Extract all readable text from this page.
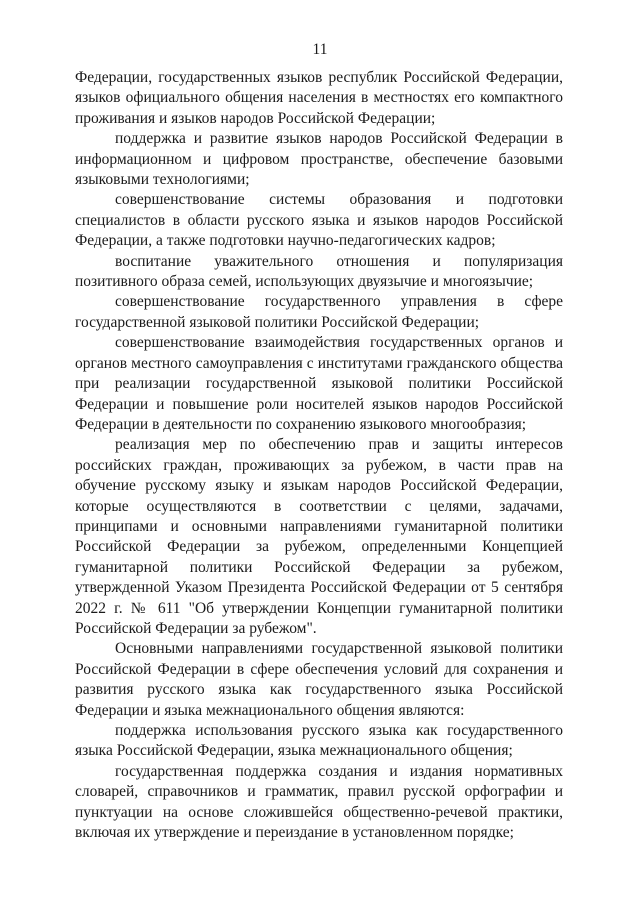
11

Федерации, государственных языков республик Российской Федерации, языков официального общения населения в местностях его компактного проживания и языков народов Российской Федерации;

поддержка и развитие языков народов Российской Федерации в информационном и цифровом пространстве, обеспечение базовыми языковыми технологиями;

совершенствование системы образования и подготовки специалистов в области русского языка и языков народов Российской Федерации, а также подготовки научно-педагогических кадров;

воспитание уважительного отношения и популяризация позитивного образа семей, использующих двуязычие и многоязычие;

совершенствование государственного управления в сфере государственной языковой политики Российской Федерации;

совершенствование взаимодействия государственных органов и органов местного самоуправления с институтами гражданского общества при реализации государственной языковой политики Российской Федерации и повышение роли носителей языков народов Российской Федерации в деятельности по сохранению языкового многообразия;

реализация мер по обеспечению прав и защиты интересов российских граждан, проживающих за рубежом, в части прав на обучение русскому языку и языкам народов Российской Федерации, которые осуществляются в соответствии с целями, задачами, принципами и основными направлениями гуманитарной политики Российской Федерации за рубежом, определенными Концепцией гуманитарной политики Российской Федерации за рубежом, утвержденной Указом Президента Российской Федерации от 5 сентября 2022 г. № 611 "Об утверждении Концепции гуманитарной политики Российской Федерации за рубежом".

Основными направлениями государственной языковой политики Российской Федерации в сфере обеспечения условий для сохранения и развития русского языка как государственного языка Российской Федерации и языка межнационального общения являются:

поддержка использования русского языка как государственного языка Российской Федерации, языка межнационального общения;

государственная поддержка создания и издания нормативных словарей, справочников и грамматик, правил русской орфографии и пунктуации на основе сложившейся общественно-речевой практики, включая их утверждение и переиздание в установленном порядке;
